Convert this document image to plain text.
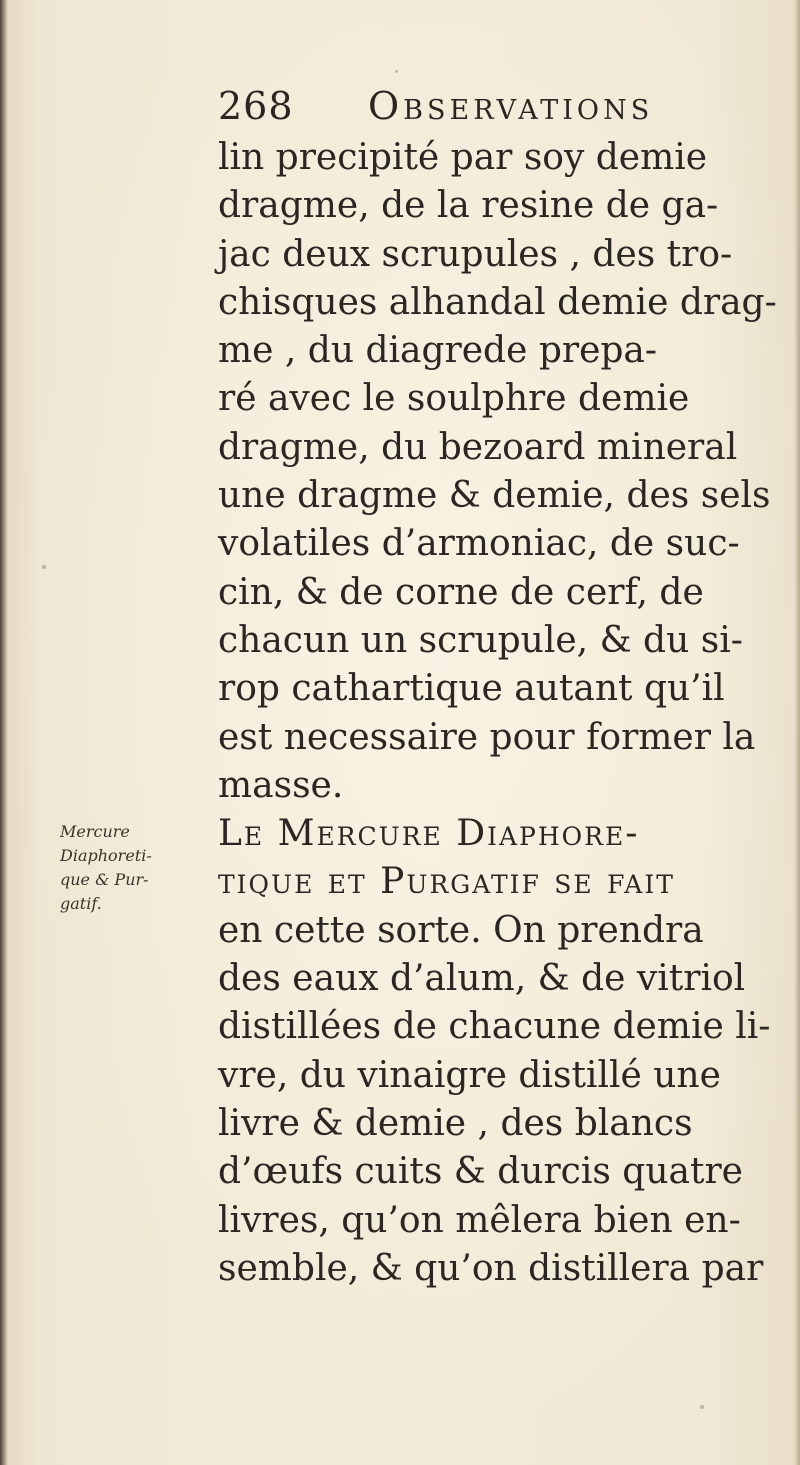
268 Observations
Mercure
Diaphoreti-
que & Pur-
gatif.
lin precipité par soy demie
dragme, de la resine de ga-
jac deux scrupules , des tro-
chisques alhandal demie drag-
me , du diagrede prepa-
ré avec le soulphre demie
dragme, du bezoard mineral
une dragme & demie, des sels
volatiles d’armoniac, de suc-
cin, & de corne de cerf, de
chacun un scrupule, & du si-
rop cathartique autant qu’il
est necessaire pour former la
masse.
Le Mercure Diaphore-
tique et Purgatif se fait
en cette sorte. On prendra
des eaux d’alum, & de vitriol
distillées de chacune demie li-
vre, du vinaigre distillé une
livre & demie , des blancs
d’œufs cuits & durcis quatre
livres, qu’on mêlera bien en-
semble, & qu’on distillera par
